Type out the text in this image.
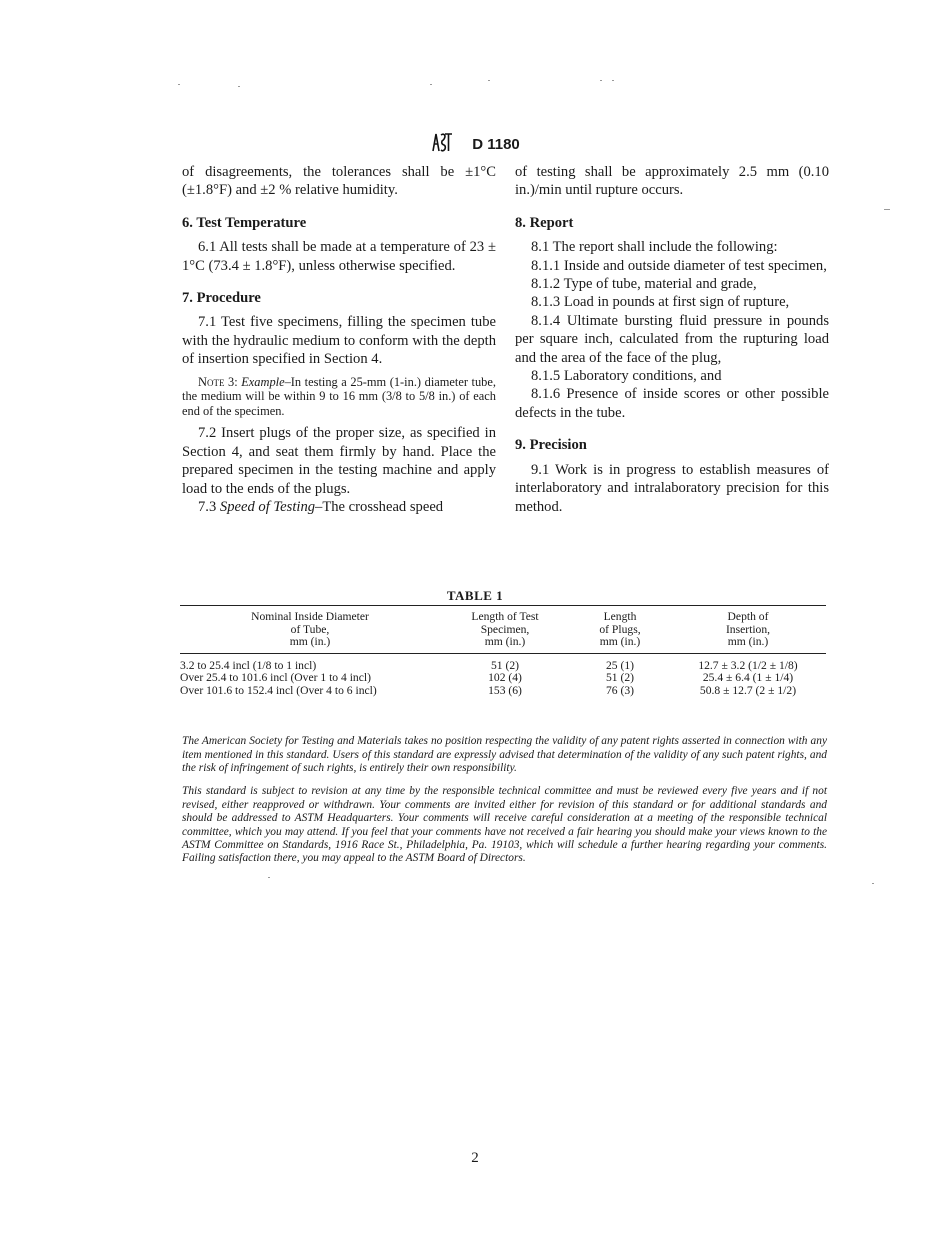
D 1180

of disagreements, the tolerances shall be ±1°C (±1.8°F) and ±2 % relative humidity.

6. Test Temperature

6.1 All tests shall be made at a temperature of 23 ± 1°C (73.4 ± 1.8°F), unless otherwise specified.

7. Procedure

7.1 Test five specimens, filling the specimen tube with the hydraulic medium to conform with the depth of insertion specified in Section 4.

Note 3: Example–In testing a 25-mm (1-in.) diameter tube, the medium will be within 9 to 16 mm (3/8 to 5/8 in.) of each end of the specimen.

7.2 Insert plugs of the proper size, as specified in Section 4, and seat them firmly by hand. Place the prepared specimen in the testing machine and apply load to the ends of the plugs.

7.3 Speed of Testing–The crosshead speed

of testing shall be approximately 2.5 mm (0.10 in.)/min until rupture occurs.

8. Report

8.1 The report shall include the following:

8.1.1 Inside and outside diameter of test specimen,

8.1.2 Type of tube, material and grade,

8.1.3 Load in pounds at first sign of rupture,

8.1.4 Ultimate bursting fluid pressure in pounds per square inch, calculated from the rupturing load and the area of the face of the plug,

8.1.5 Laboratory conditions, and

8.1.6 Presence of inside scores or other possible defects in the tube.

9. Precision

9.1 Work is in progress to establish measures of interlaboratory and intralaboratory precision for this method.

TABLE 1
Nominal Inside Diameter
of Tube,
mm (in.)	Length of Test
Specimen,
mm (in.)	Length
of Plugs,
mm (in.)	Depth of
Insertion,
mm (in.)
3.2 to 25.4 incl (1/8 to 1 incl)	51 (2)	25 (1)	12.7 ± 3.2 (1/2 ± 1/8)
Over 25.4 to 101.6 incl (Over 1 to 4 incl)	102 (4)	51 (2)	25.4 ± 6.4 (1 ± 1/4)
Over 101.6 to 152.4 incl (Over 4 to 6 incl)	153 (6)	76 (3)	50.8 ± 12.7 (2 ± 1/2)

The American Society for Testing and Materials takes no position respecting the validity of any patent rights asserted in connection with any item mentioned in this standard. Users of this standard are expressly advised that determination of the validity of any such patent rights, and the risk of infringement of such rights, is entirely their own responsibility.

This standard is subject to revision at any time by the responsible technical committee and must be reviewed every five years and if not revised, either reapproved or withdrawn. Your comments are invited either for revision of this standard or for additional standards and should be addressed to ASTM Headquarters. Your comments will receive careful consideration at a meeting of the responsible technical committee, which you may attend. If you feel that your comments have not received a fair hearing you should make your views known to the ASTM Committee on Standards, 1916 Race St., Philadelphia, Pa. 19103, which will schedule a further hearing regarding your comments. Failing satisfaction there, you may appeal to the ASTM Board of Directors.

2
